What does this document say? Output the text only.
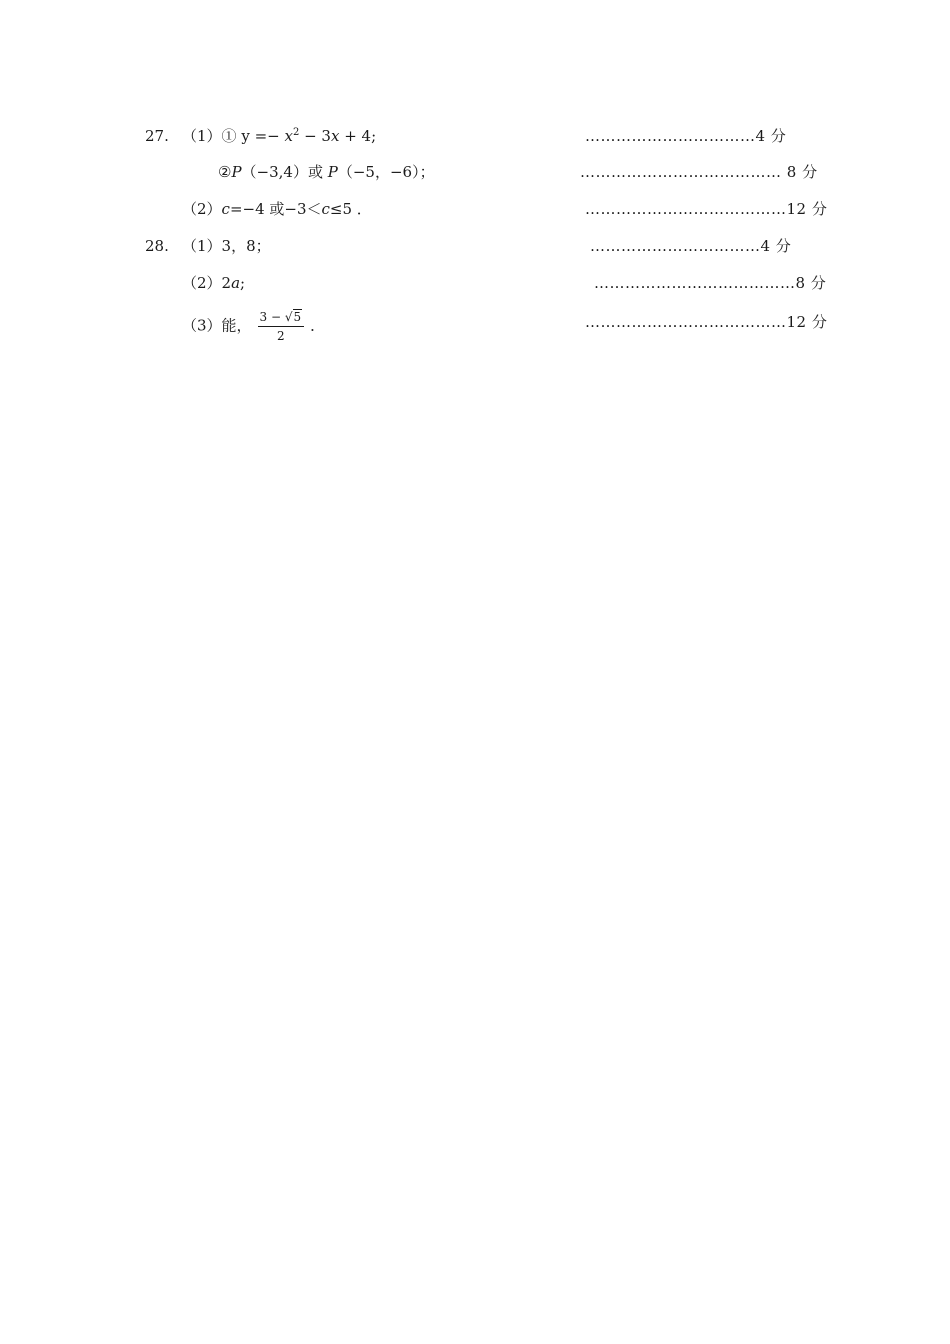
27. （1）① $y =- x^2 - 3x + 4$;	……………………………4 分
②P（−3,4）或 P（−5，−6）；	………………………………… 8 分
（2）c=−4 或−3＜c≤5 ．	…………………………………12 分
28. （1）3，8；	……………………………4 分
（2）2a;	…………………………………8 分
（3）能， $\frac{3 - √5}{2}$ ．	…………………………………12 分
